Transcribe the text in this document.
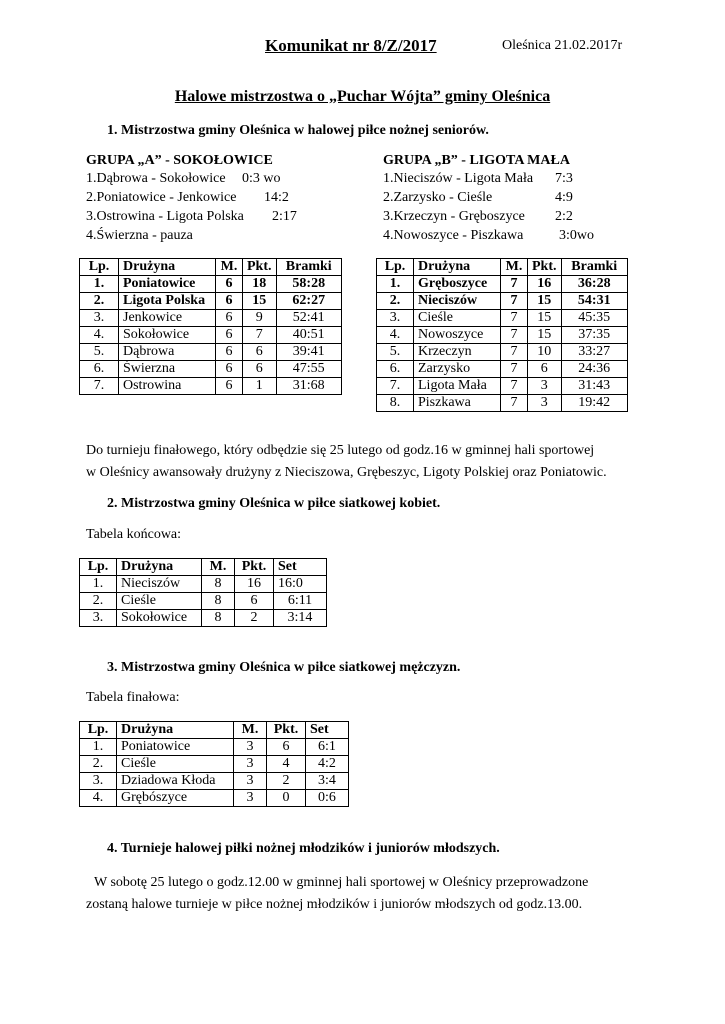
Komunikat nr 8/Z/2017	Oleśnica 21.02.2017r
Halowe mistrzostwa o „Puchar Wójta” gminy Oleśnica
1. Mistrzostwa gminy Oleśnica w halowej piłce nożnej seniorów.
GRUPA „A” - SOKOŁOWICE
1.Dąbrowa - Sokołowice 0:3 wo
2.Poniatowice - Jenkowice 14:2
3.Ostrowina - Ligota Polska 2:17
4.Świerzna - pauza
GRUPA „B” - LIGOTA MAŁA
1.Nieciszów - Ligota Mała 7:3
2.Zarzysko - Cieśle	4:9
3.Krzeczyn - Gręboszyce 2:2
4.Nowoszyce - Piszkawa	3:0wo
Lp.	Drużyna	M.	Pkt.	Bramki
1.	Poniatowice	6	18	58:28
2.	Ligota Polska	6	15	62:27
3.	Jenkowice	6	9	52:41
4.	Sokołowice	6	7	40:51
5.	Dąbrowa	6	6	39:41
6.	Świerzna	6	6	47:55
7.	Ostrowina	6	1	31:68
Lp.	Drużyna	M.	Pkt.	Bramki
1.	Gręboszyce	7	16	36:28
2.	Nieciszów	7	15	54:31
3.	Cieśle	7	15	45:35
4.	Nowoszyce	7	15	37:35
5.	Krzeczyn	7	10	33:27
6.	Zarzysko	7	6	24:36
7.	Ligota Mała	7	3	31:43
8.	Piszkawa	7	3	19:42
Do turnieju finałowego, który odbędzie się 25 lutego od godz.16 w gminnej hali sportowej
w Oleśnicy awansowały drużyny z Nieciszowa, Grębeszyc, Ligoty Polskiej oraz Poniatowic.
2. Mistrzostwa gminy Oleśnica w piłce siatkowej kobiet.
Tabela końcowa:
Lp.	Drużyna	M.	Pkt.	Set
1.	Nieciszów	8	16	16:0
2.	Cieśle	8	6	6:11
3.	Sokołowice	8	2	3:14
3. Mistrzostwa gminy Oleśnica w piłce siatkowej mężczyzn.
Tabela finałowa:
Lp.	Drużyna	M.	Pkt.	Set
1.	Poniatowice	3	6	6:1
2.	Cieśle	3	4	4:2
3.	Dziadowa Kłoda	3	2	3:4
4.	Grębószyce	3	0	0:6
4. Turnieje halowej piłki nożnej młodzików i juniorów młodszych.
W sobotę 25 lutego o godz.12.00 w gminnej hali sportowej w Oleśnicy przeprowadzone
zostaną halowe turnieje w piłce nożnej młodzików i juniorów młodszych od godz.13.00.
